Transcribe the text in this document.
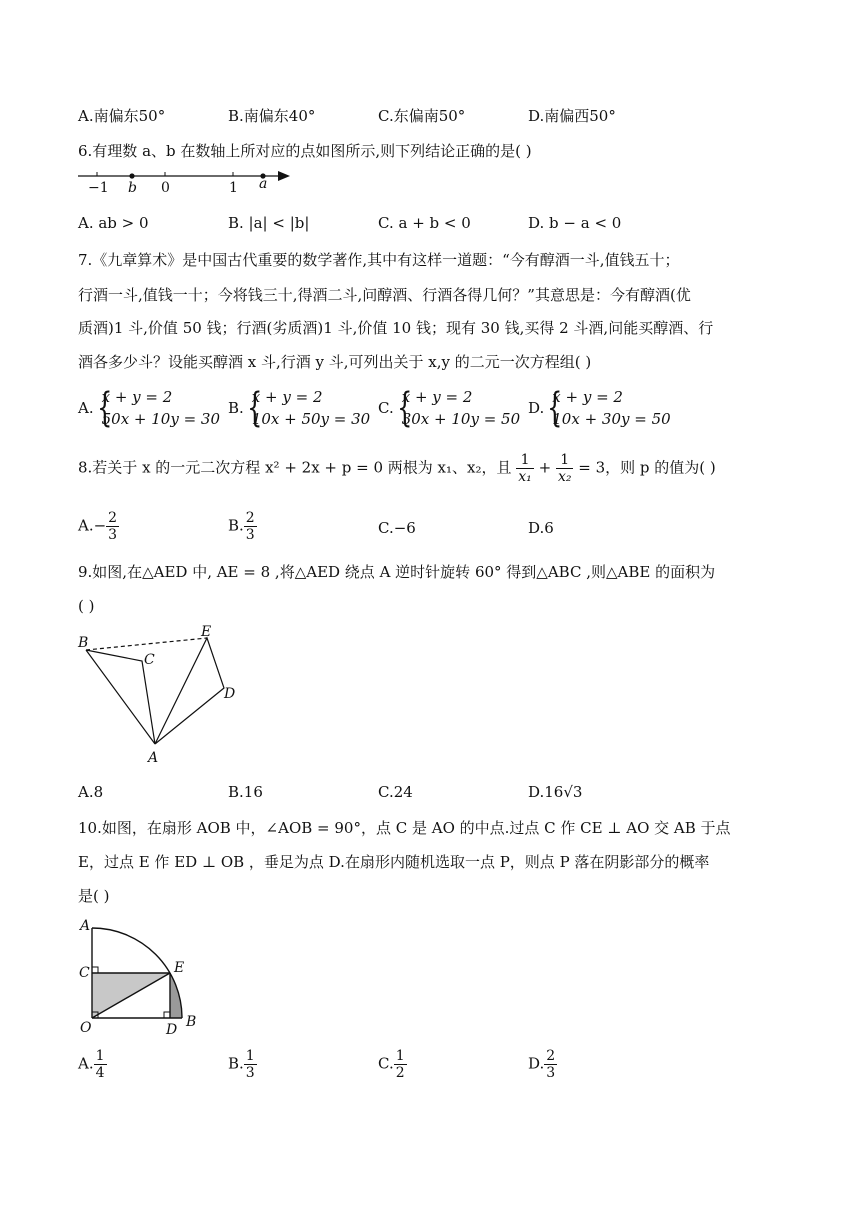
A.南偏东50°	B.南偏东40°	C.东偏南50°	D.南偏西50°
6.有理数 a、b 在数轴上所对应的点如图所示,则下列结论正确的是( )
−1 b 0	1 a
A. ab > 0	B. |a| < |b|	C. a + b < 0	D. b − a < 0
7.《九章算术》是中国古代重要的数学著作,其中有这样一道题：“今有醇酒一斗,值钱五十；
行酒一斗,值钱一十；今将钱三十,得酒二斗,问醇酒、行酒各得几何？”其意思是：今有醇酒(优
质酒)1 斗,价值 50 钱；行酒(劣质酒)1 斗,价值 10 钱；现有 30 钱,买得 2 斗酒,问能买醇酒、行
酒各多少斗？设能买醇酒 x 斗,行酒 y 斗,可列出关于 x,y 的二元一次方程组( )
A. {
x + y = 2
50x + 10y = 30
B. {
x + y = 2
10x + 50y = 30
C. {
x + y = 2
30x + 10y = 50
D. {
x + y = 2
10x + 30y = 50
8.若关于 x 的一元二次方程 x² + 2x + p = 0 两根为 x₁、x₂，且 $\frac{1}{\text{x₁}} + \frac{1}{\text{x₂}} = 3$，则 p 的值为( )
$A.- \frac{2}{3}$	B. $\frac{2}{3}$	C.−6	D.6
9.如图,在△AED 中, AE = 8 ,将△AED 绕点 A 逆时针旋转 60° 得到△ABC ,则△ABE 的面积为
( )
B
C
E
D
A
A.8	B.16	C.24	D.16√3
10.如图，在扇形 AOB 中，∠AOB = 90°，点 C 是 AO 的中点.过点 C 作 CE ⊥ AO 交 AB 于点
E，过点 E 作 ED ⊥ OB ，垂足为点 D.在扇形内随机选取一点 P，则点 P 落在阴影部分的概率
是( )
A
C	E
O	D B
A. $\frac{1}{4}$	B. $\frac{1}{3}$	C. $\frac{1}{2}$	D. $\frac{2}{3}$
